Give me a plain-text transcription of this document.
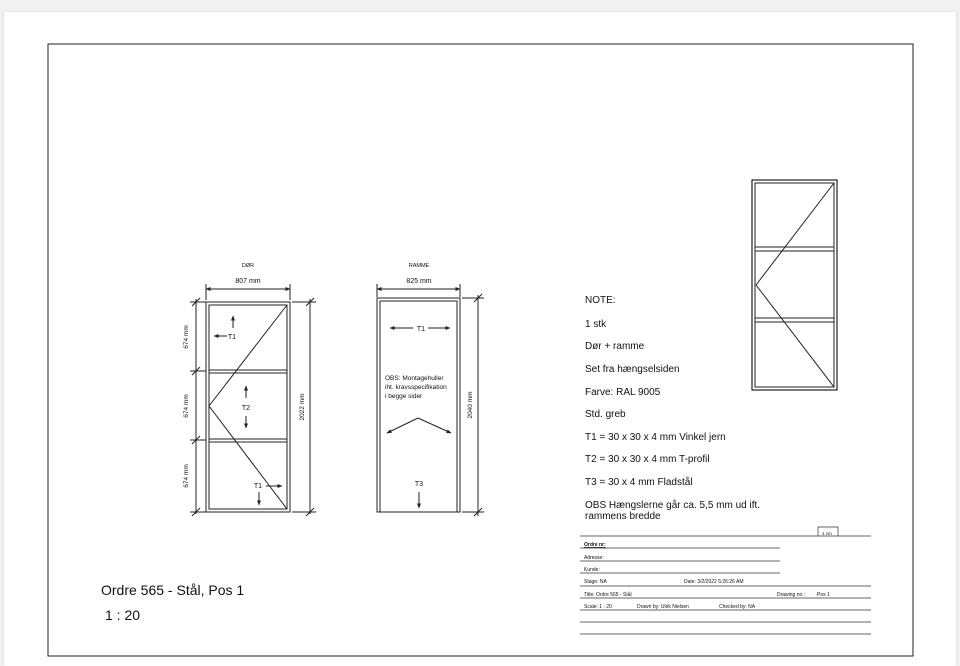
DØR
807 mm
T1
T2
T1
674 mm
674 mm
674 mm
2022 mm
RAMME
825 mm
T1
OBS: Montagehuller
iht. kravsspecifikation
i begge sider
T3
2040 mm
NOTE:
1 stk
Dør + ramme
Set fra hængselsiden
Farve: RAL 9005
Std. greb
T1 = 30 x 30 x 4 mm Vinkel jern
T2 = 30 x 30 x 4 mm T-profil
T3 = 30 x 4 mm Fladstål
OBS Hængslerne går ca. 5,5 mm ud ift.
rammens bredde
Ordre 565 - Stål, Pos 1
1 : 20
1 cm
Ordre nr:
Adresse:
Kunde:
Stage: NA	Date: 3/2/2022 5:26:26 AM
Title: Ordre 565 - Stål	Drawing no.: Pos 1
Scale: 1 : 20	Drawn by: Ulrik Nielsen	Checked by: NA
